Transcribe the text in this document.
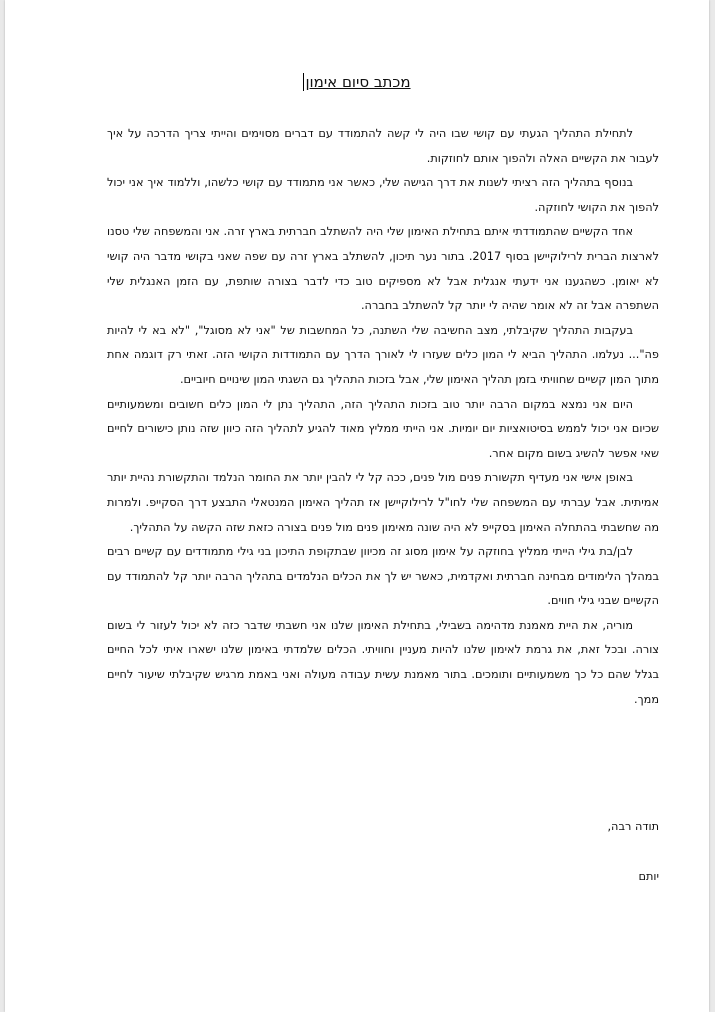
מכתב סיום אימון

לתחילת התהליך הגעתי עם קושי שבו היה לי קשה להתמודד עם דברים מסוימים והייתי צריך הדרכה על איך לעבור את הקשיים האלה ולהפוך אותם לחוזקות.

בנוסף בתהליך הזה רציתי לשנות את דרך הגישה שלי, כאשר אני מתמודד עם קושי כלשהו, וללמוד איך אני יכול להפוך את הקושי לחוזקה.

אחד הקשיים שהתמודדתי איתם בתחילת האימון שלי היה להשתלב חברתית בארץ זרה. אני והמשפחה שלי טסנו לארצות הברית לרילוקיישן בסוף 2017. בתור נער תיכון, להשתלב בארץ זרה עם שפה שאני בקושי מדבר היה קושי לא יאומן. כשהגענו אני ידעתי אנגלית אבל לא מספיקים טוב כדי לדבר בצורה שותפת, עם הזמן האנגלית שלי השתפרה אבל זה לא אומר שהיה לי יותר קל להשתלב בחברה.

בעקבות התהליך שקיבלתי, מצב החשיבה שלי השתנה, כל המחשבות של "אני לא מסוגל", "לא בא לי להיות פה"... נעלמו. התהליך הביא לי המון כלים שעזרו לי לאורך הדרך עם התמודדות הקושי הזה. זאתי רק דוגמה אחת מתוך המון קשיים שחוויתי בזמן תהליך האימון שלי, אבל בזכות התהליך גם השגתי המון שינויים חיוביים.

היום אני נמצא במקום הרבה יותר טוב בזכות התהליך הזה, התהליך נתן לי המון כלים חשובים ומשמעותיים שכיום אני יכול לממש בסיטואציות יום יומיות. אני הייתי ממליץ מאוד להגיע לתהליך הזה כיוון שזה נותן כישורים לחיים שאי אפשר להשיג בשום מקום אחר.

באופן אישי אני מעדיף תקשורת פנים מול פנים, ככה קל לי להבין יותר את החומר הנלמד והתקשורת נהיית יותר אמיתית. אבל עברתי עם המשפחה שלי לחו"ל לרילוקיישן אז תהליך האימון המנטאלי התבצע דרך הסקייפ. ולמרות מה שחשבתי בהתחלה האימון בסקייפ לא היה שונה מאימון פנים מול פנים בצורה כזאת שזה הקשה על התהליך.

לבן/בת גילי הייתי ממליץ בחוזקה על אימון מסוג זה מכיוון שבתקופת התיכון בני גילי מתמודדים עם קשיים רבים במהלך הלימודים מבחינה חברתית ואקדמית, כאשר יש לך את הכלים הנלמדים בתהליך הרבה יותר קל להתמודד עם הקשיים שבני גילי חווים.

מוריה, את היית מאמנת מדהימה בשבילי, בתחילת האימון שלנו אני חשבתי שדבר כזה לא יכול לעזור לי בשום צורה. ובכל זאת, את גרמת לאימון שלנו להיות מעניין וחוויתי. הכלים שלמדתי באימון שלנו ישארו איתי לכל החיים בגלל שהם כל כך משמעותיים ותומכים. בתור מאמנת עשית עבודה מעולה ואני באמת מרגיש שקיבלתי שיעור לחיים ממך.

תודה רבה,
יותם
